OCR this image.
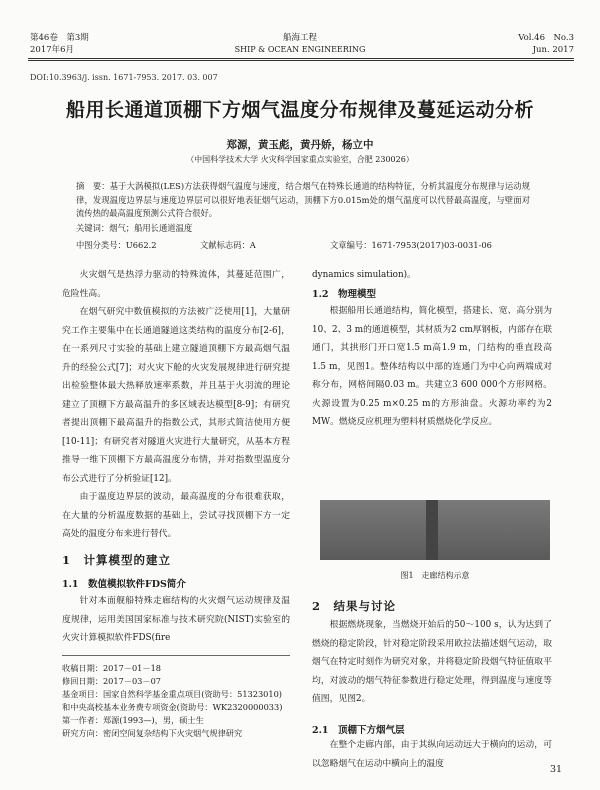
第46卷　第3期
2017年6月
船海工程
SHIP & OCEAN ENGINEERING
Vol.46　No.3
Jun. 2017
DOI:10.3963/j. issn. 1671-7953. 2017. 03. 007
船用长通道顶棚下方烟气温度分布规律及蔓延运动分析
郑源，黄玉彪，黄丹娇，杨立中
（中国科学技术大学 火灾科学国家重点实验室，合肥 230026）
摘　要：基于大涡模拟(LES)方法获得烟气温度与速度，结合烟气在特殊长通道的结构特征，分析其温度分布规律与运动规律，发现温度边界层与速度边界层可以很好地表征烟气运动，顶棚下方0.015m处的烟气温度可以代替最高温度，与壁面对流传热的最高温度预测公式符合很好。
关键词：烟气；船用长通道温度
中图分类号：U662.2	文献标志码：A	文章编号：1671-7953(2017)03-0031-06

火灾烟气是热浮力驱动的特殊流体，其蔓延范围广，危险性高。

在烟气研究中数值模拟的方法被广泛使用[1]，大量研究工作主要集中在长通道隧道这类结构的温度分布[2-6]，在一系列尺寸实验的基础上建立隧道顶棚下方最高烟气温升的经验公式[7]；对火灾下舱的火灾发展规律进行研究提出检验整体最大热释放速率系数，并且基于火羽流的理论建立了顶棚下方最高温升的多区域表达模型[8-9]；有研究者提出顶棚下最高温升的指数公式，其形式简洁使用方便[10-11]；有研究者对隧道火灾进行大量研究，从基本方程推导一维下顶棚下方最高温度分布情，并对指数型温度分布公式进行了分析验证[12]。

由于温度边界层的波动，最高温度的分布很难获取，在大量的分析温度数据的基础上，尝试寻找顶棚下方一定高处的温度分布来进行替代。

1　计算模型的建立
1.1　数值模拟软件FDS简介

针对本面舰船特殊走廊结构的火灾烟气运动规律及温度规律，运用美国国家标准与技术研究院(NIST)实验室的火灾计算模拟软件FDS(fire

收稿日期：2017－01－18
修回日期：2017－03－07
基金项目：国家自然科学基金重点项目(资助号：51323010)和中央高校基本业务费专项资金(资助号：WK2320000033)
第一作者：郑源(1993—)，男，硕士生
研究方向：密闭空间复杂结构下火灾烟气规律研究
dynamics simulation)。
1.2　物理模型

根据船用长通道结构，简化模型，搭建长、宽、高分别为10、2、3 m的通道模型，其材质为2 cm厚钢板，内部存在联通门，其拱形门开口宽1.5 m高1.9 m，门结构的垂直段高1.5 m，见图1。整体结构以中部的连通门为中心向两端成对称分布，网格间隔0.03 m。共建立3 600 000个方形网格。火源设置为0.25 m×0.25 m的方形油盘。火源功率约为2 MW。燃烧反应机理为塑料材质燃烧化学反应。

图1　走廊结构示意
2　结果与讨论

根据燃烧现象，当燃烧开始后的50～100 s，认为达到了燃烧的稳定阶段，针对稳定阶段采用欧拉法描述烟气运动，取烟气在特定时刻作为研究对象，并将稳定阶段烟气特征值取平均，对波动的烟气特征参数进行稳定处理，得到温度与速度等值图，见图2。

2.1　顶棚下方烟气层

在整个走廊内部，由于其纵向运动远大于横向的运动，可以忽略烟气在运动中横向上的温度

31
